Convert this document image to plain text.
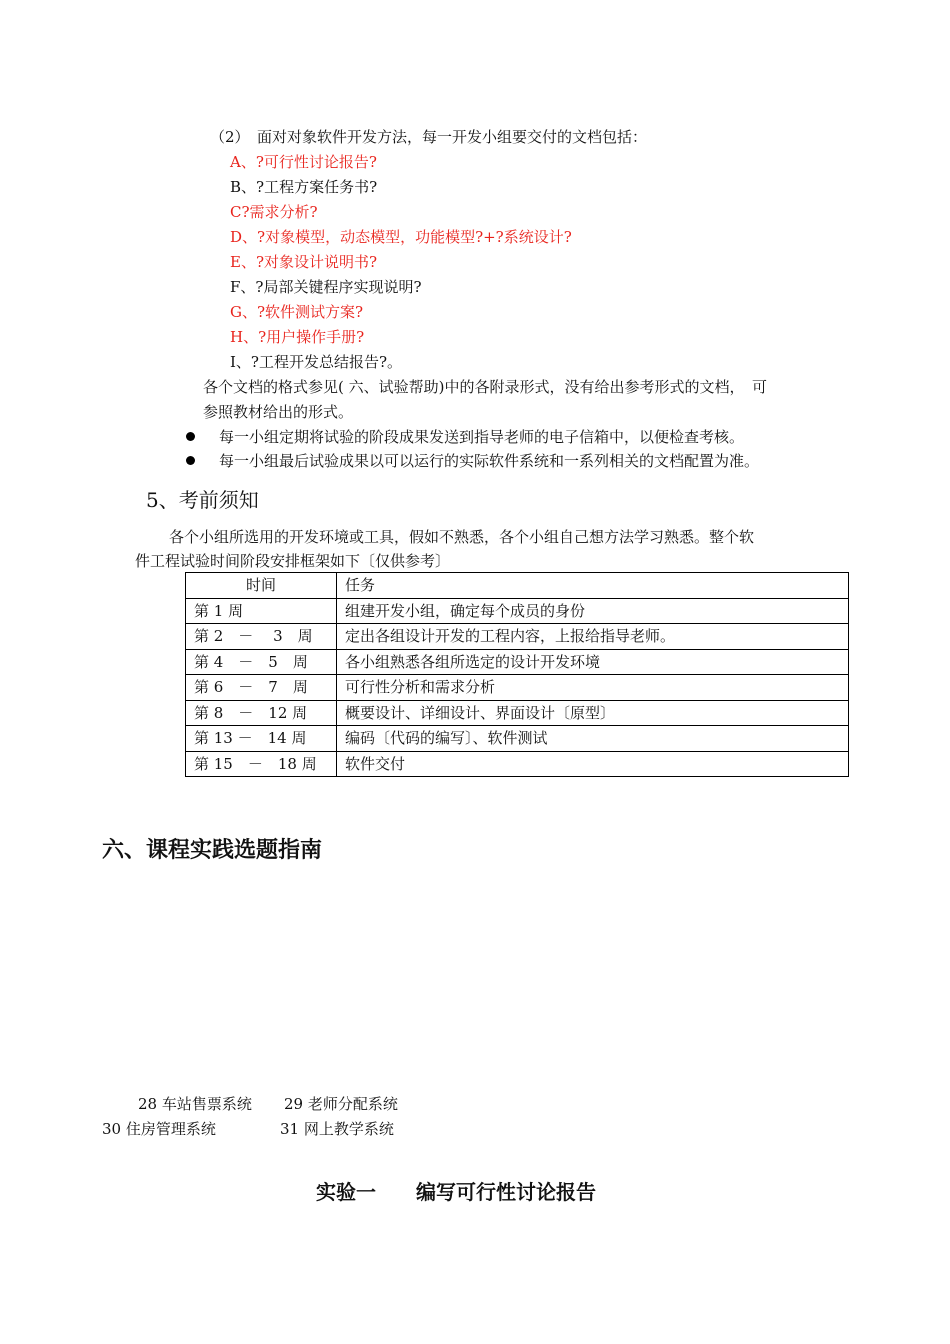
（2）　面对对象软件开发方法，每一开发小组要交付的文档包括：
A、?可行性讨论报告?
B、?工程方案任务书?
C?需求分析?
D、?对象模型，动态模型，功能模型?+?系统设计?
E、?对象设计说明书?
F、?局部关键程序实现说明?
G、?软件测试方案?
H、?用户操作手册?
I、?工程开发总结报告?。
各个文档的格式参见( 六、试验帮助)中的各附录形式，没有给出参考形式的文档，　可
参照教材给出的形式。
每一小组定期将试验的阶段成果发送到指导老师的电子信箱中，以便检查考核。
每一小组最后试验成果以可以运行的实际软件系统和一系列相关的文档配置为准。
5、考前须知
各个小组所选用的开发环境或工具，假如不熟悉，各个小组自己想方法学习熟悉。整个软
件工程试验时间阶段安排框架如下〔仅供参考〕
时间	任务
第 1 周	组建开发小组，确定每个成员的身份
第 2　－　 3　周	定出各组设计开发的工程内容，上报给指导老师。
第 4　－　5　周	各小组熟悉各组所选定的设计开发环境
第 6　－　7　周	可行性分析和需求分析
第 8　－　12 周	概要设计、详细设计、界面设计〔原型〕
第 13 －　14 周	编码〔代码的编写〕、软件测试
第 15　－　18 周	软件交付
六、课程实践选题指南
28 车站售票系统 29 老师分配系统
30 住房管理系统	31 网上教学系统
实验一　　编写可行性讨论报告
